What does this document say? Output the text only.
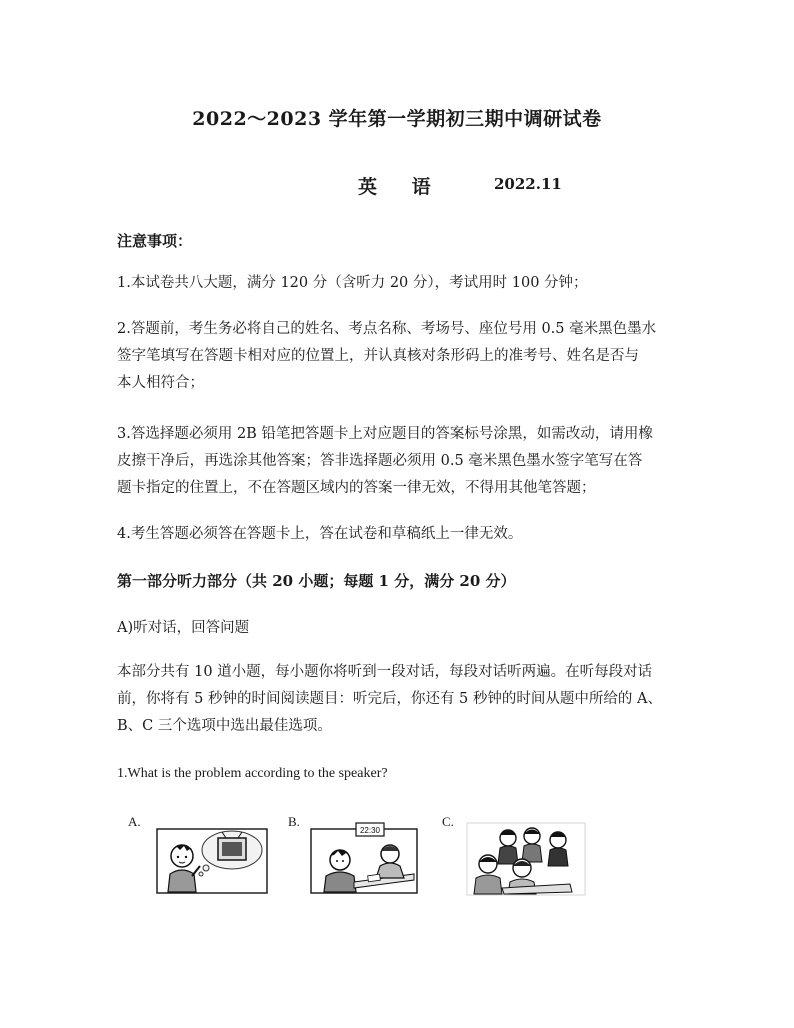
2022～2023 学年第一学期初三期中调研试卷
英 语	2022.11
注意事项：
1.本试卷共八大题，满分 120 分（含听力 20 分），考试用时 100 分钟；
2.答题前，考生务必将自己的姓名、考点名称、考场号、座位号用 0.5 毫米黑色墨水
签字笔填写在答题卡相对应的位置上，并认真核对条形码上的准考号、姓名是否与
本人相符合；
3.答选择题必须用 2B 铅笔把答题卡上对应题目的答案标号涂黑，如需改动，请用橡
皮擦干净后，再选涂其他答案；答非选择题必须用 0.5 毫米黑色墨水签字笔写在答
题卡指定的住置上，不在答题区域内的答案一律无效，不得用其他笔答题；
4.考生答题必须答在答题卡上，答在试卷和草稿纸上一律无效。
第一部分听力部分（共 20 小题；每题 1 分，满分 20 分）
A)听对话，回答问题
本部分共有 10 道小题，每小题你将听到一段对话，每段对话听两遍。在听每段对话
前，你将有 5 秒钟的时间阅读题目：听完后，你还有 5 秒钟的时间从题中所给的 A、
B、C 三个选项中选出最佳选项。
1.What is the problem according to the speaker?
A.	B.
22:30
C.
